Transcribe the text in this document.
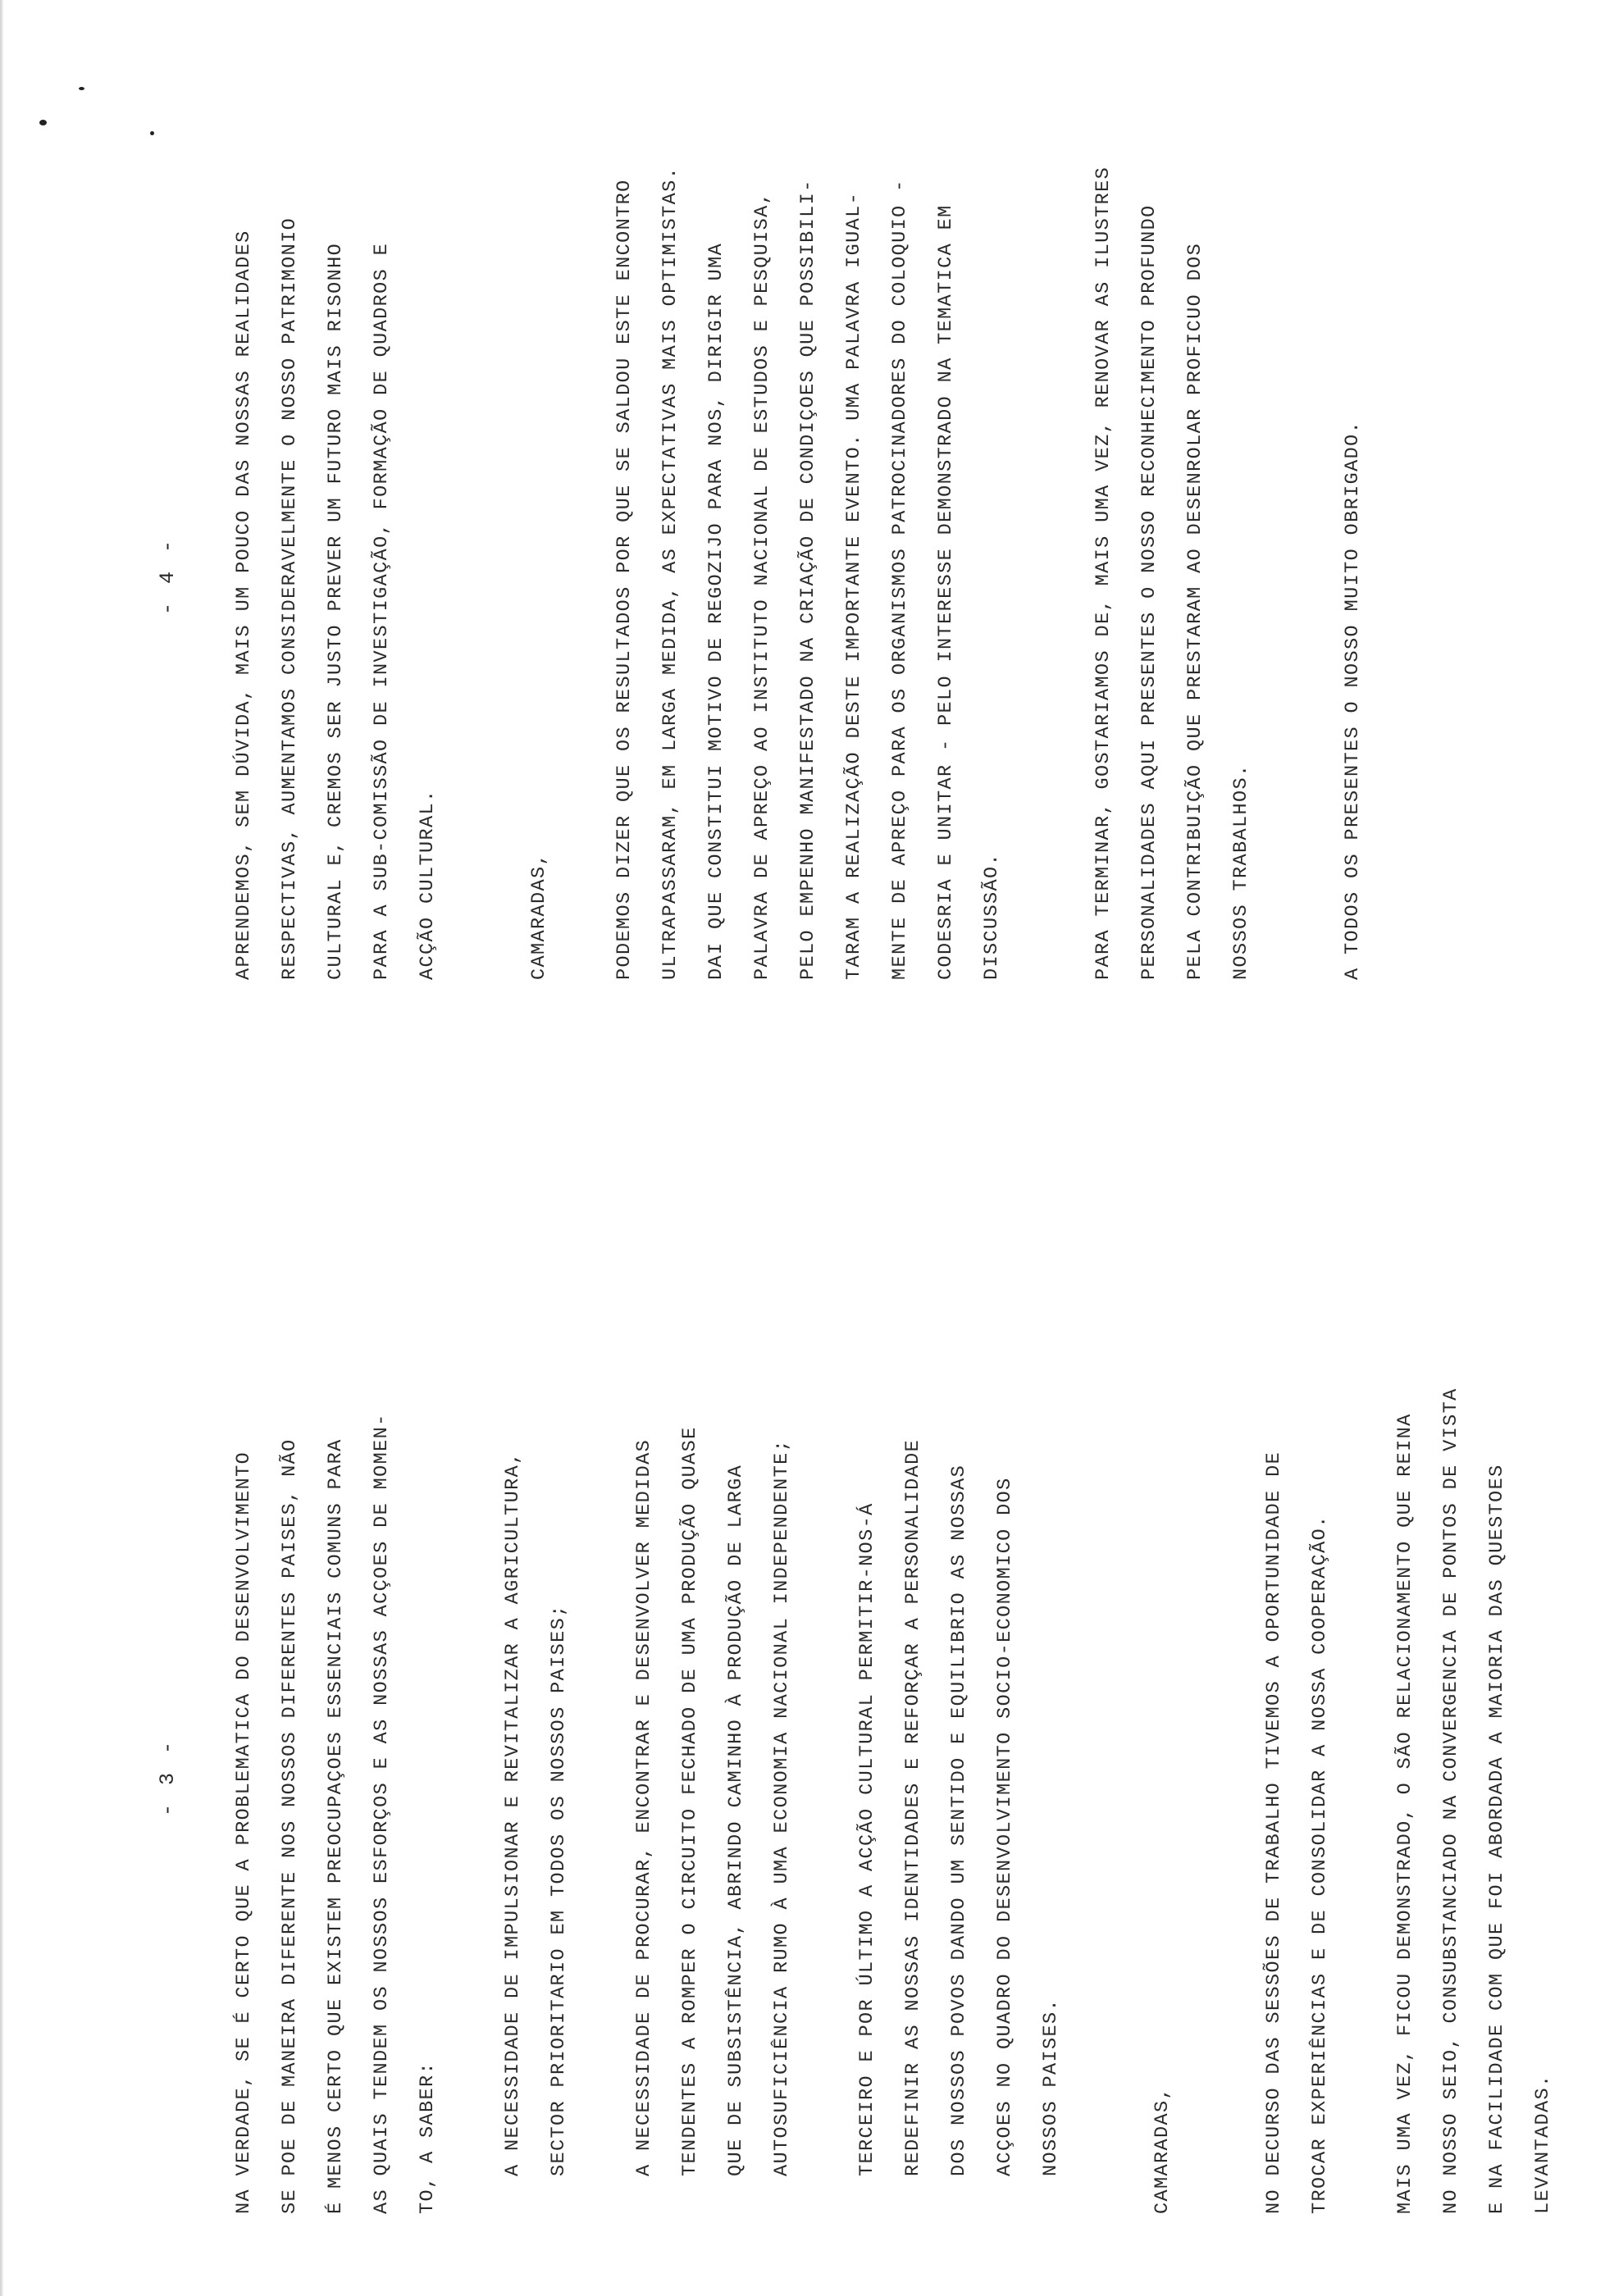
- 3 -	NA VERDADE, SE É CERTO QUE A PROBLEMATICA DO DESENVOLVIMENTO	SE POE DE MANEIRA DIFERENTE NOS NOSSOS DIFERENTES PAISES, NÃO	É MENOS CERTO QUE EXISTEM PREOCUPAÇOES ESSENCIAIS COMUNS PARA	AS QUAIS TENDEM OS NOSSOS ESFORÇOS E AS NOSSAS ACÇOES DE MOMEN-	TO, A SABER:	A NECESSIDADE DE IMPULSIONAR E REVITALIZAR A AGRICULTURA,	SECTOR PRIORITARIO EM TODOS OS NOSSOS PAISES;	A NECESSIDADE DE PROCURAR, ENCONTRAR E DESENVOLVER MEDIDAS	TENDENTES A ROMPER O CIRCUITO FECHADO DE UMA PRODUÇÃO QUASE	QUE DE SUBSISTÊNCIA, ABRINDO CAMINHO À PRODUÇÃO DE LARGA	AUTOSUFICIÊNCIA RUMO À UMA ECONOMIA NACIONAL INDEPENDENTE;	TERCEIRO E POR ÚLTIMO A ACÇÃO CULTURAL PERMITIR-NOS-Á	REDEFINIR AS NOSSAS IDENTIDADES E REFORÇAR A PERSONALIDADE	DOS NOSSOS POVOS DANDO UM SENTIDO E EQUILIBRIO AS NOSSAS	ACÇOES NO QUADRO DO DESENVOLVIMENTO SOCIO-ECONOMICO DOS	NOSSOS PAISES.	CAMARADAS,	NO DECURSO DAS SESSÕES DE TRABALHO TIVEMOS A OPORTUNIDADE DE	TROCAR EXPERIÊNCIAS E DE CONSOLIDAR A NOSSA COOPERAÇÃO.	MAIS UMA VEZ, FICOU DEMONSTRADO, O SÃO RELACIONAMENTO QUE REINA	NO NOSSO SEIO, CONSUBSTANCIADO NA CONVERGENCIA DE PONTOS DE VISTA	E NA FACILIDADE COM QUE FOI ABORDADA A MAIORIA DAS QUESTOES	LEVANTADAS.
- 4 -	APRENDEMOS, SEM DÚVIDA, MAIS UM POUCO DAS NOSSAS REALIDADES	RESPECTIVAS, AUMENTAMOS CONSIDERAVELMENTE O NOSSO PATRIMONIO	CULTURAL E, CREMOS SER JUSTO PREVER UM FUTURO MAIS RISONHO	PARA A SUB-COMISSÃO DE INVESTIGAÇÃO, FORMAÇÃO DE QUADROS E	ACÇÃO CULTURAL.	CAMARADAS,	PODEMOS DIZER QUE OS RESULTADOS POR QUE SE SALDOU ESTE ENCONTRO	ULTRAPASSARAM, EM LARGA MEDIDA, AS EXPECTATIVAS MAIS OPTIMISTAS.	DAI QUE CONSTITUI MOTIVO DE REGOZIJO PARA NOS, DIRIGIR UMA	PALAVRA DE APREÇO AO INSTITUTO NACIONAL DE ESTUDOS E PESQUISA,	PELO EMPENHO MANIFESTADO NA CRIAÇÃO DE CONDIÇOES QUE POSSIBILI-	TARAM A REALIZAÇÃO DESTE IMPORTANTE EVENTO. UMA PALAVRA IGUAL-	MENTE DE APREÇO PARA OS ORGANISMOS PATROCINADORES DO COLOQUIO -	CODESRIA E UNITAR - PELO INTERESSE DEMONSTRADO NA TEMATICA EM	DISCUSSÃO.	PARA TERMINAR, GOSTARIAMOS DE, MAIS UMA VEZ, RENOVAR AS ILUSTRES	PERSONALIDADES AQUI PRESENTES O NOSSO RECONHECIMENTO PROFUNDO	PELA CONTRIBUIÇÃO QUE PRESTARAM AO DESENROLAR PROFICUO DOS	NOSSOS TRABALHOS.	A TODOS OS PRESENTES O NOSSO MUITO OBRIGADO.
